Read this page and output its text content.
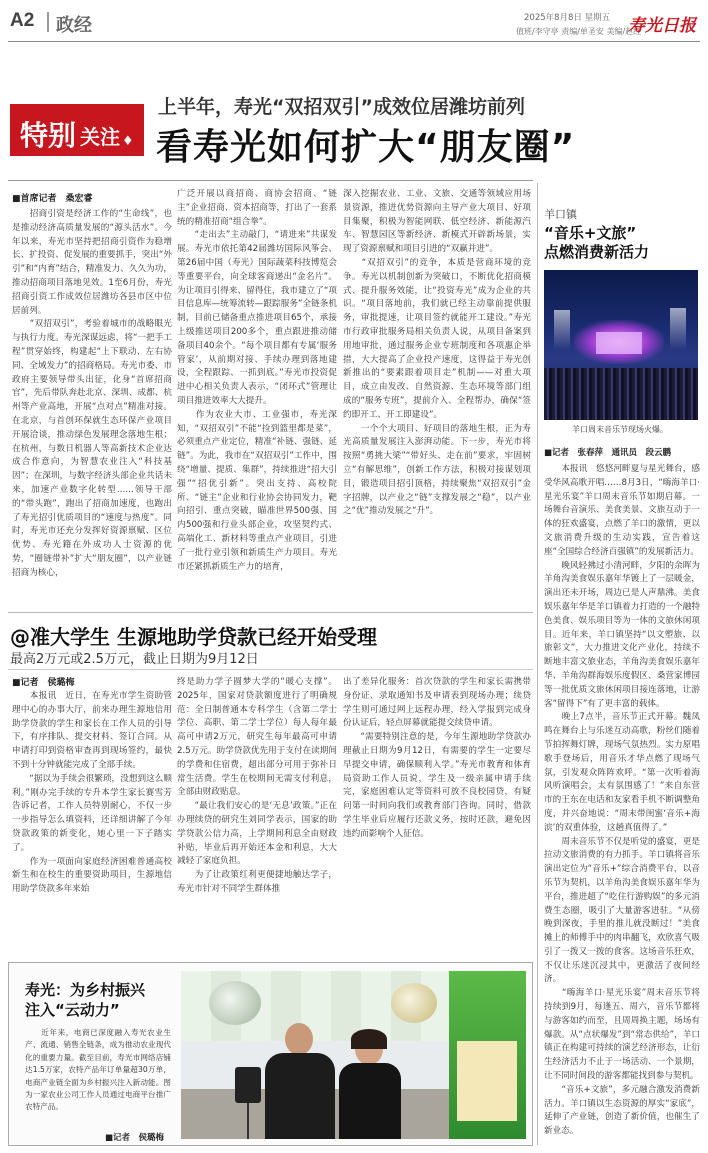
A2 政经	2025年8月8日 星期五
值班/李守亭 责编/单圣安 美编/赵红
寿光日报
特别 关注 ♦
上半年，寿光“双招双引”成效位居潍坊前列
看寿光如何扩大“朋友圈”
■首席记者　桑宏睿
　　招商引资是经济工作的“生命线”，也是推动经济高质量发展的“源头活水”。今年以来，寿光市坚持把招商引资作为稳增长、扩投资、促发展的重要抓手，突出“外引”和“内育”结合，精准发力、久久为功，推动招商项目落地见效。1至6月份，寿光招商引资工作成效位居潍坊各县市区中位居前列。
　　“双招双引”，考验着城市的战略眼光与执行力度。寿光深谋远虑，将“一把手工程”贯穿始终，构建起“上下联动、左右协同、全域发力”的招商格局。寿光市委、市政府主要领导带头出征，化身“首席招商官”，先后带队奔赴北京、深圳、成都、杭州等产业高地，开展“点对点”精准对接。在北京，与首创环保就生态环保产业项目开展洽谈，推动绿色发展理念落地生根；在杭州，与数日机器人等高新技术企业达成合作意向，为智慧农业注入“科技基因”；在深圳，与数字经济头部企业共话未来，加速产业数字化转型……领导干部的“带头跑”，跑出了招商加速度，也跑出了寿光招引优质项目的“速度与热度”。同时，寿光市还充分发挥好资源禀赋、区位优势、寿光籍在外成功人士资源的优势，“圈链带补”扩大“朋友圈”，以产业链招商为核心，
广泛开展以商招商、商协会招商、“链主”企业招商、资本招商等，打出了一套系统的精准招商“组合拳”。
　　“走出去”主动敲门，“请进来”共谋发展。寿光市依托第42届潍坊国际风筝会、第26届中国（寿光）国际蔬菜科技博览会等重要平台，向全球客商递出“金名片”。为让项目引得来、留得住，我市建立了“项目信息库—统筹流转—跟踪服务”全链条机制，目前已储备重点推进项目65个，承接上级推送项目200多个，重点跟进推动储备项目40余个。“每个项目都有专属‘服务管家’，从前期对接、手续办理到落地建设，全程跟踪、一抓到底。”寿光市投资促进中心相关负责人表示，“闭环式”管理让项目推进效率大大提升。
　　作为农业大市、工业强市，寿光深知，“双招双引”不能“捡到篮里都是菜”，必须重点产业定位，精准“补链、强链、延链”。为此，我市在“双招双引”工作中，围绕“增量、提质、集群”，持续推进“招大引强”“招优引新”。突出支持、高校院所、“链主”企业和行业协会协同发力，靶向招引、重点突破，瞄准世界500强、国内500强和行业头部企业，攻坚契约式、高端化工、新材料等重点产业项目，引进了一批行业引领和新质生产力项目。寿光市还紧抓新质生产力的培育，
深入挖掘农业、工业、文旅、交通等领域应用场景资源，推进优势资源向主导产业大项目、好项目集聚，积极为智能网联、低空经济、新能源汽车、智慧园区等新经济、新模式开辟新场景，实现了资源禀赋和项目引进的“双赢并进”。
　　“双招双引”的竞争，本质是营商环境的竞争。寿光以机制创新为突破口，不断优化招商模式、提升服务效能，让“投资寿光”成为企业的共识。“项目落地前，我们就已经主动靠前提供服务，审批提速，让项目签约就能开工建设。”寿光市行政审批服务局相关负责人说，从项目备案到用地审批，通过服务企业专班制度和各项惠企举措，大大提高了企业投产速度，这得益于寿光创新推出的“要素跟着项目走”机制——对重大项目，成立由发改、自然资源、生态环境等部门组成的“服务专班”，提前介入、全程帮办，确保“签约即开工、开工即建设”。
　　一个个大项目、好项目的落地生根，正为寿光高质量发展注入澎湃动能。下一步，寿光市将按照“勇挑大梁”“带好头、走在前”要求，牢固树立“有解思维”，创新工作方法，积极对接谋划项目，锻造项目招引顶格，持续聚焦“双招双引”金字招牌，以产业之“链”支撑发展之“稳”，以产业之“优”推动发展之“升”。
羊口镇
“音乐+文旅”
点燃消费新活力
羊口周末音乐节现场火爆。
■记者　张春萍　通讯员　段云鹏
　　本报讯　悠悠河畔夏与星光舞台，感受华风高歌开唱……8月3日，“嗨海羊口·星光乐宴”羊口周末音乐节如期启幕。一场舞台音演乐、美食美景、文旅互动于一体的狂欢盛宴，点燃了羊口的激情，更以文旅消费升级的生动实践，宣告着这座“全国综合经济百强镇”的发展新活力。
　　晚风轻拂过小清河畔，夕阳的余晖为羊角沟美食娱乐嘉年华镀上了一层暖金，演出还未开场，周边已是人声鼎沸。美食娱乐嘉年华是羊口镇着力打造的一个融特色美食、娱乐项目等为一体的文旅休闲项目。近年来，羊口镇坚持“以文塑旅、以旅彰文”，大力推进文化产业化，持续不断地丰富文旅业态，羊角沟美食娱乐嘉年华、羊角沟群海娱乐度假区、桑营家博园等一批优质文旅休闲项目接连落地，让游客“留得下”有了更丰富的载体。
　　晚上7点半，音乐节正式开幕。魏凤鸣在舞台上与乐迷互动高歌，粉丝们随着节拍挥舞灯牌，现场气氛热烈。实力原唱歌手登场后，用音乐才华点燃了现场气氛，引发观众阵阵欢呼。“第一次听着海风听演唱会，太有氛围感了！”来自东营市的王东在电话和友家看手机不断调整角度，并兴奋地说：“周末带闺蜜‘音乐+海滨’的双重体验，这趟真值得了。”
　　周末音乐节不仅是听觉的盛宴，更是拉动文旅消费的有力抓手。羊口镇将音乐演出定位为“音乐+”综合消费平台，以音乐节为契机，以羊角沟美食娱乐嘉年华为平台，推进超了“吃住行游购娱”的多元消费生态圈，吸引了大量游客进驻。“从傍晚到深夜，手里的推儿就没断过！”美食摊上的师傅手中的肉串翻飞，欢欣喜气吸引了一拨又一拨的食客。这场音乐狂欢，不仅让乐迷沉浸其中，更激活了夜间经济。
　　“嗨海羊口·星光乐宴”周末音乐节将持续到9月，每逢五、周六，音乐节都将与游客如约而至，且周周换主题，场场有爆款。从“点状爆发”到“常态供给”，羊口镇正在构建可持续的演艺经济形态，让衍生经济活力不止于一场活动、一个景期，让不同时间段的游客都能找到参与契机。
　　“音乐+文旅”，多元融合激发消费新活力。羊口镇以生态资源的厚实“家底”，延伸了产业链，创造了新价值，也催生了新业态。
@准大学生 生源地助学贷款已经开始受理
最高2万元或2.5万元，截止日期为9月12日
■记者　侯璐梅
　　本报讯　近日，在寿光市学生资助管理中心的办事大厅，前来办理生源地信用助学贷款的学生和家长在工作人员的引导下，有序排队、提交材料、签订合同。从申请打印到资格审查再到现场签约，最快不到十分钟就能完成了全部手续。
　　“据以为手续会很繁琐，没想到这么顺利。”刚办完手续的专升本学生家长赛雪芳告诉记者，工作人员特别耐心，不仅一步一步指导怎么填资料，还详细讲解了今年贷款政策的新变化，她心里一下子踏实了。
　　作为一项面向家庭经济困难普通高校新生和在校生的重要资助项目，生源地信用助学贷款多年来始
终是助力学子圆梦大学的“暖心支撑”。2025年，国家对贷款额度进行了明确规范：全日制普通本专科学生（含第二学士学位、高职、第二学士学位）每人每年最高可申请2万元，研究生每年最高可申请2.5万元。助学贷款优先用于支付在读期间的学费和住宿费，超出部分可用于弥补日常生活费。学生在校期间无需支付利息，全部由财政贴息。
　　“最让我们安心的是‘无息’政策。”正在办理续贷的研究生刘同学表示，国家的助学贷款公信力高，上学期间利息全由财政补贴，毕业后再开始还本金和利息，大大减轻了家庭负担。
　　为了让政策红利更便捷地触达学子，寿光市针对不同学生群体推
出了差异化服务：首次贷款的学生和家长需携带身份证、录取通知书及申请表到现场办理；续贷学生则可通过网上远程办理，经入学报到完成身份认证后，轻点屏幕就能提交续贷申请。
　　“需要特别注意的是，今年生源地助学贷款办理截止日期为9月12日，有需要的学生一定要尽早提交申请，确保顺利入学。”寿光市教育和体育局资助工作人员说，学生及一级亲属申请手续完，家庭困难认定等资料可放不良校园贷，有疑问第一时间向我们或教育部门咨询。同时，借款学生毕业后应履行还款义务，按时还款，避免因违约而影响个人征信。
寿光：为乡村振兴
注入“云动力”
　　近年来，电商已深度融入寿光农业生产、流通、销售全链条，成为推动农业现代化的重要力量。截至目前，寿光市网络店铺达1.5万家，农特产品年订单量超30万单，电商产业链全面为乡村振兴注入新动能。图为一家农业公司工作人员通过电商平台推广农特产品。
■记者　侯璐梅
